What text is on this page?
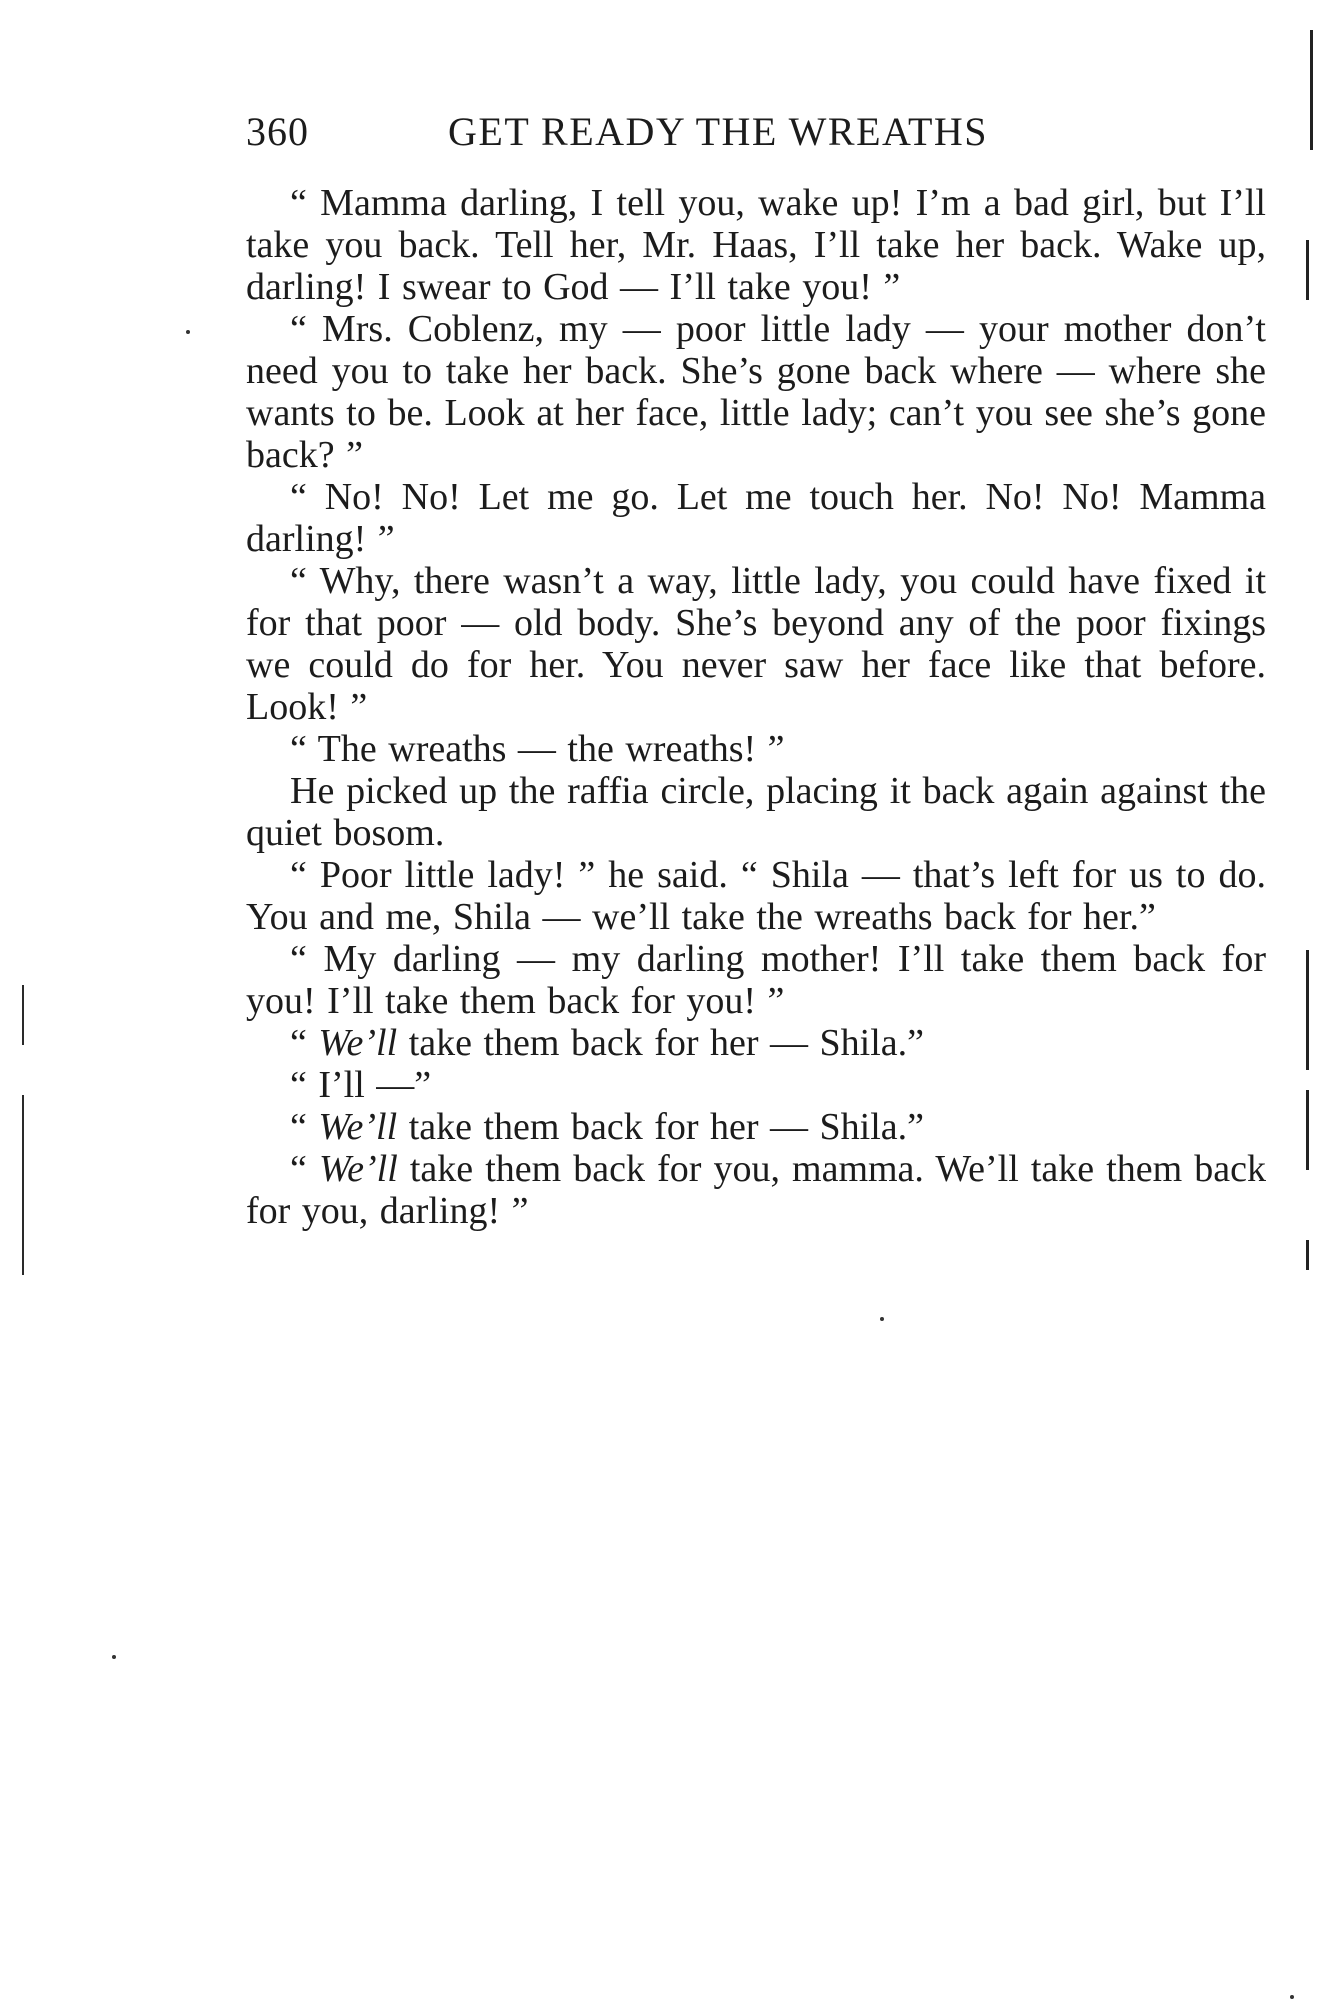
360	GET READY THE WREATHS

“ Mamma darling, I tell you, wake up! I’m a bad girl, but I’ll take you back. Tell her, Mr. Haas, I’ll take her back. Wake up, darling! I swear to God — I’ll take you! ”

“ Mrs. Coblenz, my — poor little lady — your mother don’t need you to take her back. She’s gone back where — where she wants to be. Look at her face, little lady; can’t you see she’s gone back? ”

“ No! No! Let me go. Let me touch her. No! No! Mamma darling! ”

“ Why, there wasn’t a way, little lady, you could have fixed it for that poor — old body. She’s beyond any of the poor fixings we could do for her. You never saw her face like that before. Look! ”

“ The wreaths — the wreaths! ”

He picked up the raffia circle, placing it back again against the quiet bosom.

“ Poor little lady! ” he said. “ Shila — that’s left for us to do. You and me, Shila — we’ll take the wreaths back for her.”

“ My darling — my darling mother! I’ll take them back for you! I’ll take them back for you! ”

“ We’ll take them back for her — Shila.”

“ I’ll —”

“ We’ll take them back for her — Shila.”

“ We’ll take them back for you, mamma. We’ll take them back for you, darling! ”
